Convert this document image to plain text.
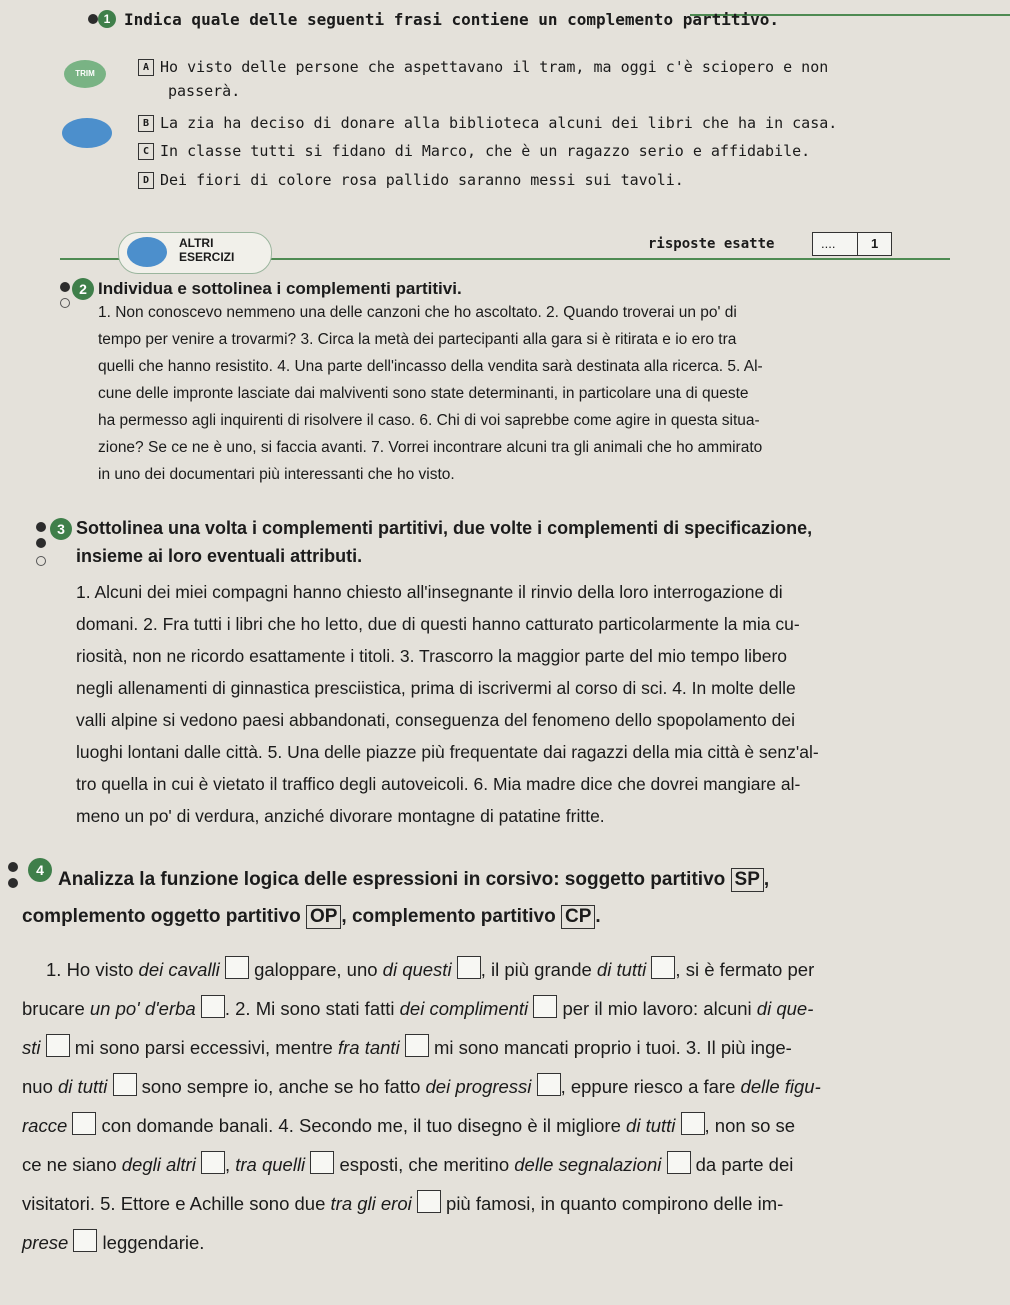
1 Indica quale delle seguenti frasi contiene un complemento partitivo.
TRIM
A Ho visto delle persone che aspettavano il tram, ma oggi c'è sciopero e non
passerà.
B La zia ha deciso di donare alla biblioteca alcuni dei libri che ha in casa.
C In classe tutti si fidano di Marco, che è un ragazzo serio e affidabile.
D Dei fiori di colore rosa pallido saranno messi sui tavoli.
ALTRI
ESERCIZI
risposte esatte	....	1
2 Individua e sottolinea i complementi partitivi.
1. Non conoscevo nemmeno una delle canzoni che ho ascoltato. 2. Quando troverai un po' di
tempo per venire a trovarmi? 3. Circa la metà dei partecipanti alla gara si è ritirata e io ero tra
quelli che hanno resistito. 4. Una parte dell'incasso della vendita sarà destinata alla ricerca. 5. Al-
cune delle impronte lasciate dai malviventi sono state determinanti, in particolare una di queste
ha permesso agli inquirenti di risolvere il caso. 6. Chi di voi saprebbe come agire in questa situa-
zione? Se ce ne è uno, si faccia avanti. 7. Vorrei incontrare alcuni tra gli animali che ho ammirato
in uno dei documentari più interessanti che ho visto.
3 Sottolinea una volta i complementi partitivi, due volte i complementi di specificazione,
insieme ai loro eventuali attributi.
1. Alcuni dei miei compagni hanno chiesto all'insegnante il rinvio della loro interrogazione di
domani. 2. Fra tutti i libri che ho letto, due di questi hanno catturato particolarmente la mia cu-
riosità, non ne ricordo esattamente i titoli. 3. Trascorro la maggior parte del mio tempo libero
negli allenamenti di ginnastica presciistica, prima di iscrivermi al corso di sci. 4. In molte delle
valli alpine si vedono paesi abbandonati, conseguenza del fenomeno dello spopolamento dei
luoghi lontani dalle città. 5. Una delle piazze più frequentate dai ragazzi della mia città è senz'al-
tro quella in cui è vietato il traffico degli autoveicoli. 6. Mia madre dice che dovrei mangiare al-
meno un po' di verdura, anziché divorare montagne di patatine fritte.
4 Analizza la funzione logica delle espressioni in corsivo: soggetto partitivo SP ,
complemento oggetto partitivo OP , complemento partitivo CP .
1. Ho visto dei cavalli  galoppare, uno di questi , il più grande di tutti , si è fermato per
brucare un po' d'erba . 2. Mi sono stati fatti dei complimenti  per il mio lavoro: alcuni di que-
sti  mi sono parsi eccessivi, mentre fra tanti  mi sono mancati proprio i tuoi. 3. Il più inge-
nuo di tutti  sono sempre io, anche se ho fatto dei progressi , eppure riesco a fare delle figu-
racce  con domande banali. 4. Secondo me, il tuo disegno è il migliore di tutti , non so se
ce ne siano degli altri , tra quelli  esposti, che meritino delle segnalazioni  da parte dei
visitatori. 5. Ettore e Achille sono due tra gli eroi  più famosi, in quanto compirono delle im-
prese  leggendarie.
